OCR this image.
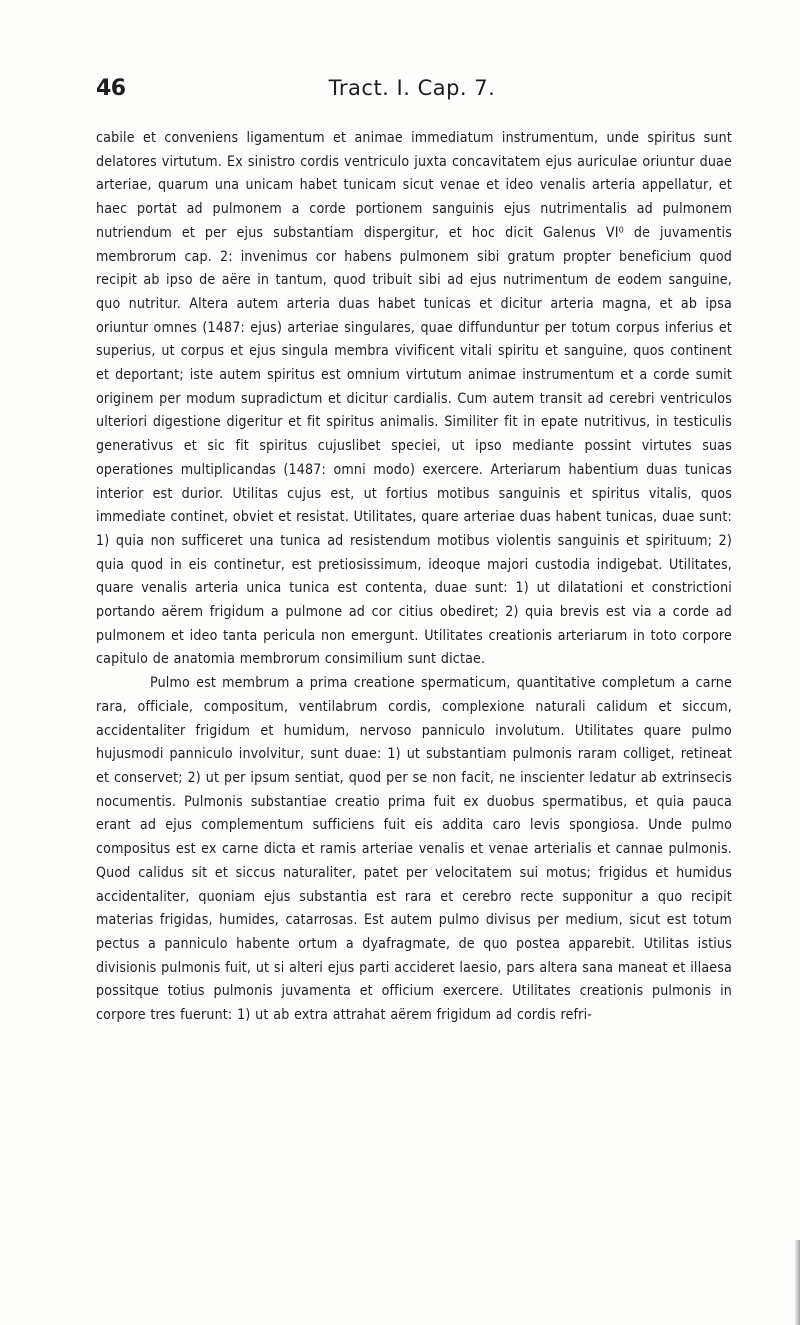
46	Tract. I. Cap. 7.

cabile et conveniens ligamentum et animae immediatum instrumentum, unde spiritus sunt delatores virtutum. Ex sinistro cordis ventriculo juxta concavitatem ejus auriculae oriuntur duae arteriae, quarum una unicam habet tunicam sicut venae et ideo venalis arteria appellatur, et haec portat ad pulmonem a corde portionem sanguinis ejus nutrimentalis ad pulmonem nutriendum et per ejus substantiam dispergitur, et hoc dicit Galenus VI⁰ de juvamentis membrorum cap. 2: invenimus cor habens pulmonem sibi gratum propter beneficium quod recipit ab ipso de aëre in tantum, quod tribuit sibi ad ejus nutrimentum de eodem sanguine, quo nutritur. Altera autem arteria duas habet tunicas et dicitur arteria magna, et ab ipsa oriuntur omnes (1487: ejus) arteriae singulares, quae diffunduntur per totum corpus inferius et superius, ut corpus et ejus singula membra vivificent vitali spiritu et sanguine, quos continent et deportant; iste autem spiritus est omnium virtutum animae instrumentum et a corde sumit originem per modum supradictum et dicitur cardialis. Cum autem transit ad cerebri ventriculos ulteriori digestione digeritur et fit spiritus animalis. Similiter fit in epate nutritivus, in testiculis generativus et sic fit spiritus cujuslibet speciei, ut ipso mediante possint virtutes suas operationes multiplicandas (1487: omni modo) exercere. Arteriarum habentium duas tunicas interior est durior. Utilitas cujus est, ut fortius motibus sanguinis et spiritus vitalis, quos immediate continet, obviet et resistat. Utilitates, quare arteriae duas habent tunicas, duae sunt: 1) quia non sufficeret una tunica ad resistendum motibus violentis sanguinis et spirituum; 2) quia quod in eis continetur, est pretiosissimum, ideoque majori custodia indigebat. Utilitates, quare venalis arteria unica tunica est contenta, duae sunt: 1) ut dilatationi et constrictioni portando aërem frigidum a pulmone ad cor citius obediret; 2) quia brevis est via a corde ad pulmonem et ideo tanta pericula non emergunt. Utilitates creationis arteriarum in toto corpore capitulo de anatomia membrorum consimilium sunt dictae.

Pulmo est membrum a prima creatione spermaticum, quantitative completum a carne rara, officiale, compositum, ventilabrum cordis, complexione naturali calidum et siccum, accidentaliter frigidum et humidum, nervoso panniculo involutum. Utilitates quare pulmo hujusmodi panniculo involvitur, sunt duae: 1) ut substantiam pulmonis raram colliget, retineat et conservet; 2) ut per ipsum sentiat, quod per se non facit, ne inscienter ledatur ab extrinsecis nocumentis. Pulmonis substantiae creatio prima fuit ex duobus spermatibus, et quia pauca erant ad ejus complementum sufficiens fuit eis addita caro levis spongiosa. Unde pulmo compositus est ex carne dicta et ramis arteriae venalis et venae arterialis et cannae pulmonis. Quod calidus sit et siccus naturaliter, patet per velocitatem sui motus; frigidus et humidus accidentaliter, quoniam ejus substantia est rara et cerebro recte supponitur a quo recipit materias frigidas, humides, catarrosas. Est autem pulmo divisus per medium, sicut est totum pectus a panniculo habente ortum a dyafragmate, de quo postea apparebit. Utilitas istius divisionis pulmonis fuit, ut si alteri ejus parti accideret laesio, pars altera sana maneat et illaesa possitque totius pulmonis juvamenta et officium exercere. Utilitates creationis pulmonis in corpore tres fuerunt: 1) ut ab extra attrahat aërem frigidum ad cordis refri-
